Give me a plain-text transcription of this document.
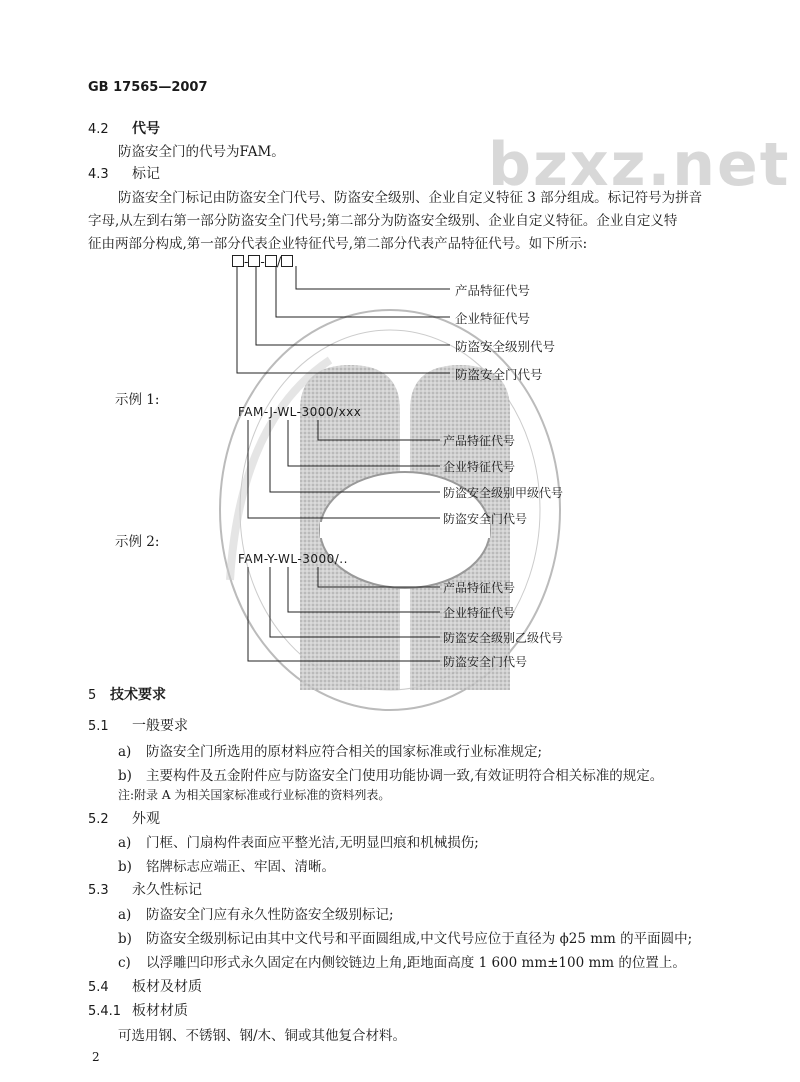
GB 17565—2007
bzxz.net
4.2 代号
防盗安全门的代号为FAM。
4.3 标记
防盗安全门标记由防盗安全门代号、防盗安全级别、企业自定义特征 3 部分组成。标记符号为拼音
字母,从左到右第一部分防盗安全门代号;第二部分为防盗安全级别、企业自定义特征。企业自定义特
征由两部分构成,第一部分代表企业特征代号,第二部分代表产品特征代号。如下所示:
- - /
产品特征代号
企业特征代号
防盗安全级别代号
防盗安全门代号
示例 1:
FAM-J-WL-3000/xxx
产品特征代号
企业特征代号
防盗安全级别甲级代号
防盗安全门代号
示例 2:
FAM-Y-WL-3000/..
产品特征代号
企业特征代号
防盗安全级别乙级代号
防盗安全门代号
5 技术要求
5.1 一般要求
a) 防盗安全门所选用的原材料应符合相关的国家标准或行业标准规定;
b) 主要构件及五金附件应与防盗安全门使用功能协调一致,有效证明符合相关标准的规定。
注:附录 A 为相关国家标准或行业标准的资料列表。
5.2 外观
a) 门框、门扇构件表面应平整光洁,无明显凹痕和机械损伤;
b) 铭牌标志应端正、牢固、清晰。
5.3 永久性标记
a) 防盗安全门应有永久性防盗安全级别标记;
b) 防盗安全级别标记由其中文代号和平面圆组成,中文代号应位于直径为 ϕ25 mm 的平面圆中;
c) 以浮雕凹印形式永久固定在内侧铰链边上角,距地面高度 1 600 mm±100 mm 的位置上。
5.4 板材及材质
5.4.1 板材材质
可选用钢、不锈钢、钢/木、铜或其他复合材料。
2
